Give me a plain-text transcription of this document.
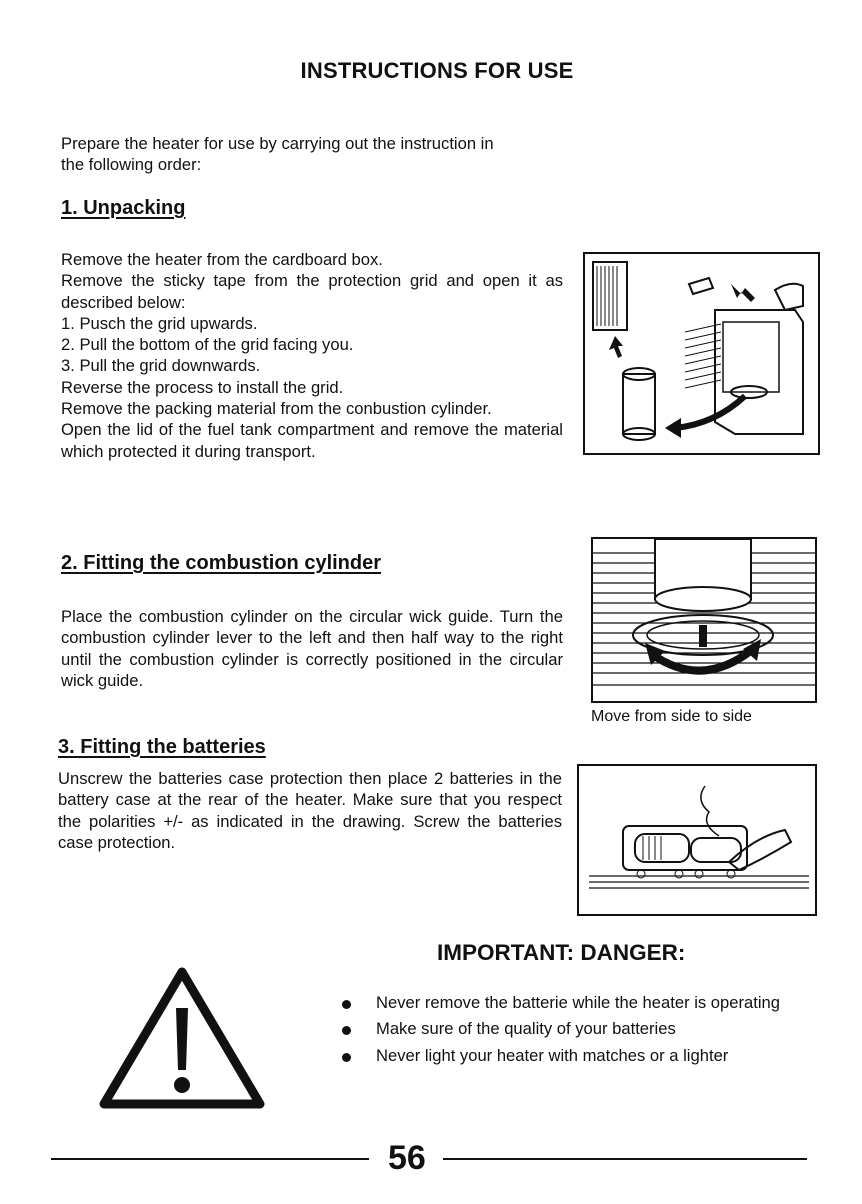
INSTRUCTIONS FOR USE

Prepare the heater for use by carrying out the instruction in

the following order:

1. Unpacking

Remove the heater from the cardboard box.

Remove the sticky tape from the protection grid and open it as described below:

1. Pusch the grid upwards.

2. Pull the bottom of the grid facing you.

3. Pull the grid downwards.

Reverse the process to install the grid.

Remove the packing material from the conbustion cylinder.

Open the lid of the fuel tank compartment and remove the material which protected it during transport.

2. Fitting the combustion cylinder
Place the combustion cylinder on the circular wick guide. Turn the combustion cylinder lever to the left and then half way to the right until the combustion cylinder is correctly positioned in the circular wick guide.
Move from side to side
3. Fitting the batteries
Unscrew the batteries case protection then place 2 batteries in the battery case at the rear of the heater. Make sure that you respect the polarities +/- as indicated in the drawing. Screw the batteries case protection.
IMPORTANT: DANGER:
Never remove the batterie while the heater is operating
Make sure of the quality of your batteries
Never light your heater with matches or a lighter
56
